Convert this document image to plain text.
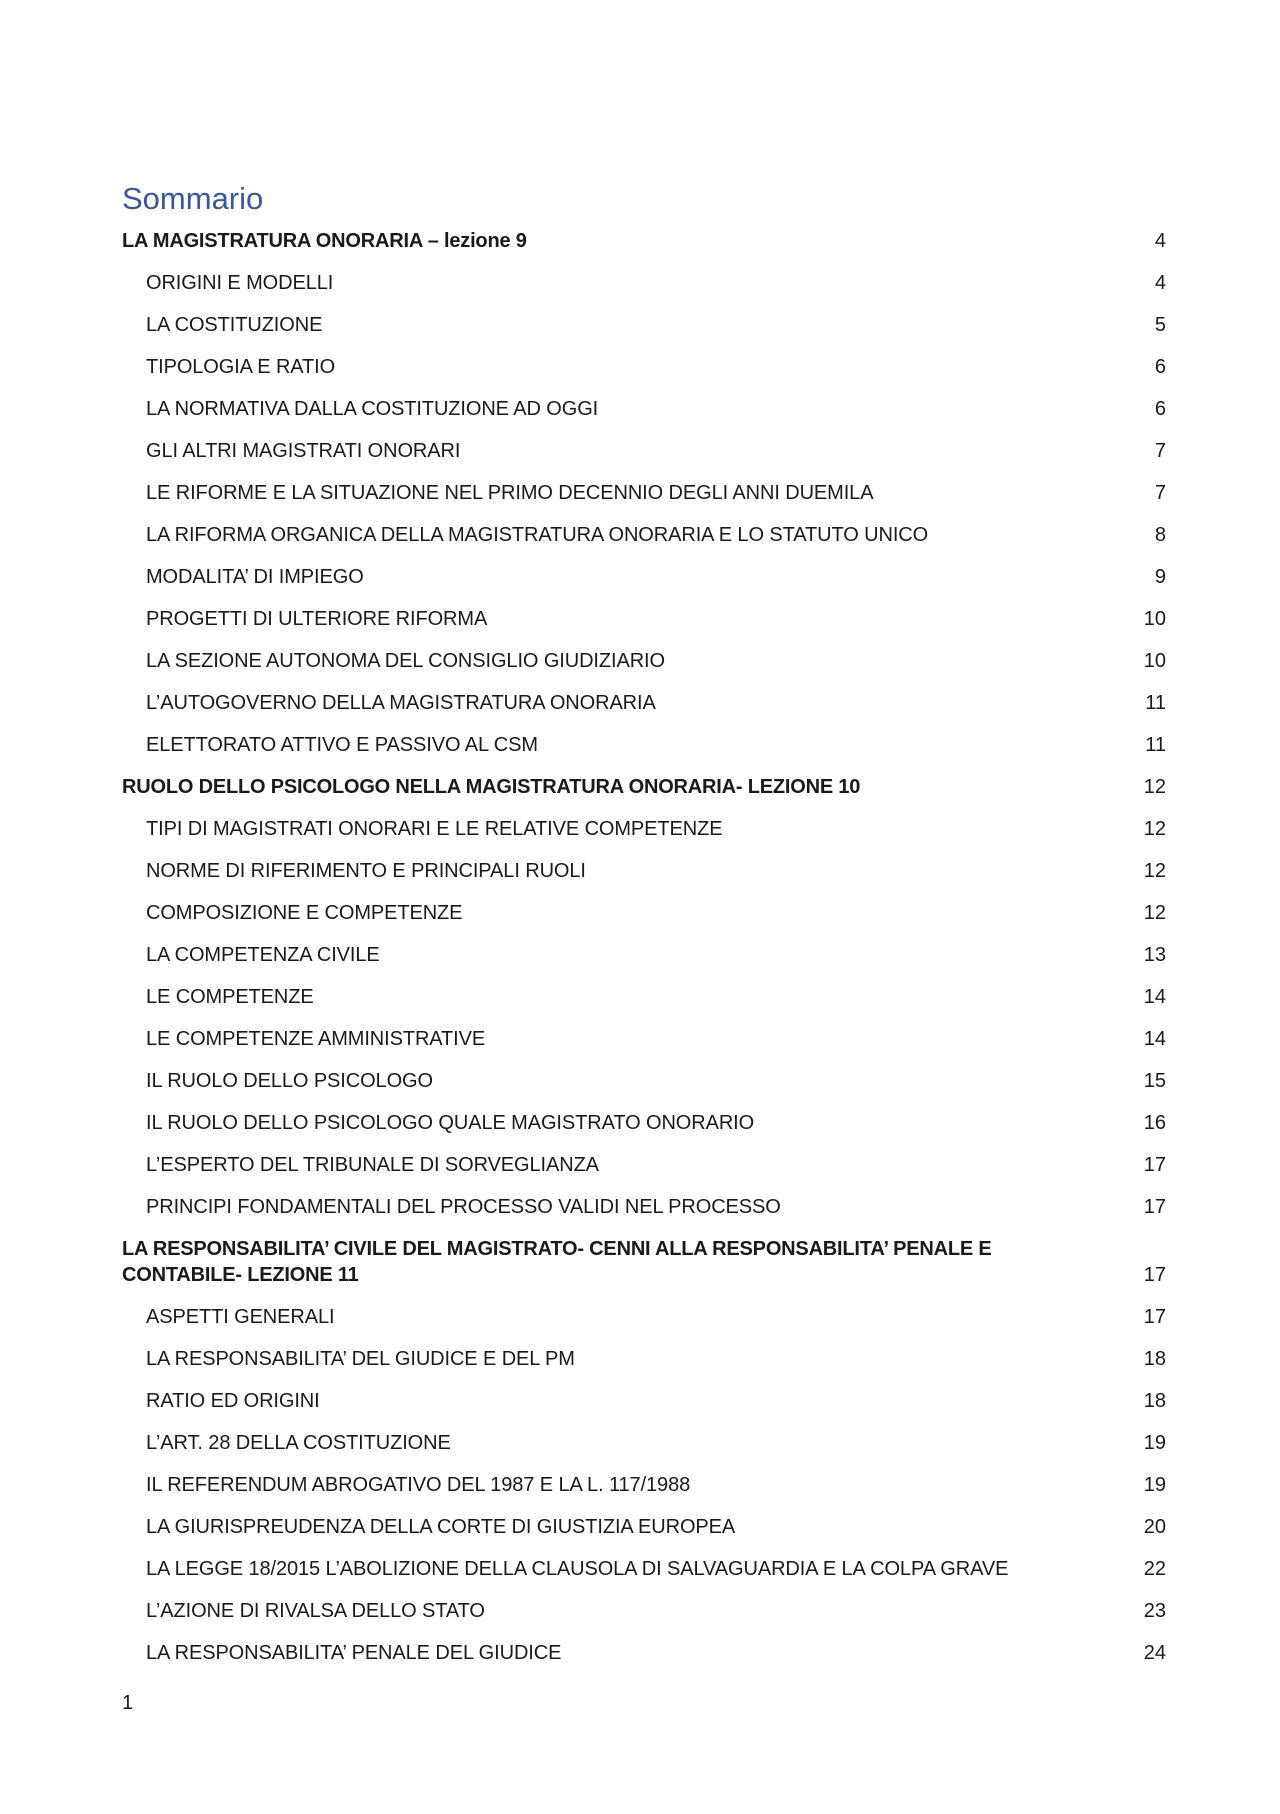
Sommario
LA MAGISTRATURA ONORARIA – lezione 9	4
ORIGINI E MODELLI	4
LA COSTITUZIONE	5
TIPOLOGIA E RATIO	6
LA NORMATIVA DALLA COSTITUZIONE AD OGGI	6
GLI ALTRI MAGISTRATI ONORARI	7
LE RIFORME E LA SITUAZIONE NEL PRIMO DECENNIO DEGLI ANNI DUEMILA	7
LA RIFORMA ORGANICA DELLA MAGISTRATURA ONORARIA E LO STATUTO UNICO	8
MODALITA’ DI IMPIEGO	9
PROGETTI DI ULTERIORE RIFORMA	10
LA SEZIONE AUTONOMA DEL CONSIGLIO GIUDIZIARIO	10
L’AUTOGOVERNO DELLA MAGISTRATURA ONORARIA	11
ELETTORATO ATTIVO E PASSIVO AL CSM	11
RUOLO DELLO PSICOLOGO NELLA MAGISTRATURA ONORARIA- LEZIONE 10	12
TIPI DI MAGISTRATI ONORARI E LE RELATIVE COMPETENZE	12
NORME DI RIFERIMENTO E PRINCIPALI RUOLI	12
COMPOSIZIONE E COMPETENZE	12
LA COMPETENZA CIVILE	13
LE COMPETENZE	14
LE COMPETENZE AMMINISTRATIVE	14
IL RUOLO DELLO PSICOLOGO	15
IL RUOLO DELLO PSICOLOGO QUALE MAGISTRATO ONORARIO	16
L’ESPERTO DEL TRIBUNALE DI SORVEGLIANZA	17
PRINCIPI FONDAMENTALI DEL PROCESSO VALIDI NEL PROCESSO	17
LA RESPONSABILITA’ CIVILE DEL MAGISTRATO- CENNI ALLA RESPONSABILITA’ PENALE E CONTABILE- LEZIONE 11	17
ASPETTI GENERALI	17
LA RESPONSABILITA’ DEL GIUDICE E DEL PM	18
RATIO ED ORIGINI	18
L’ART. 28 DELLA COSTITUZIONE	19
IL REFERENDUM ABROGATIVO DEL 1987 E LA L. 117/1988	19
LA GIURISPREUDENZA DELLA CORTE DI GIUSTIZIA EUROPEA	20
LA LEGGE 18/2015 L’ABOLIZIONE DELLA CLAUSOLA DI SALVAGUARDIA E LA COLPA GRAVE	22
L’AZIONE DI RIVALSA DELLO STATO	23
LA RESPONSABILITA’ PENALE DEL GIUDICE	24
1
